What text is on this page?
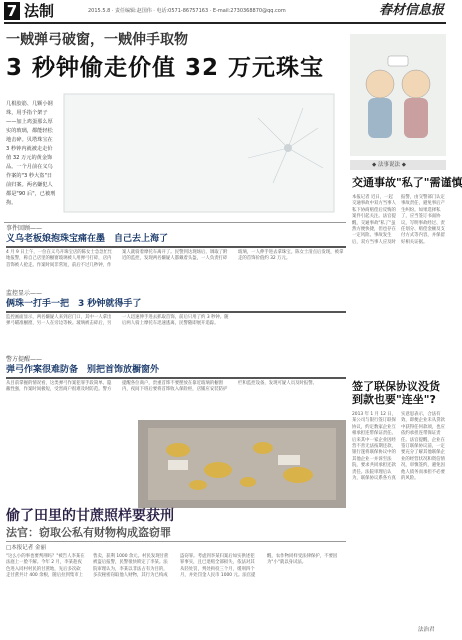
7 法制	2015.5.8 · 责任编辑:赵国伟 · 电话:0571-86757163 · E-mail:2730368870@qq.com	春材信息报
一贼弹弓破窗，一贼伸手取物
3 秒钟偷走价值 32 万元珠宝
几根胶筋、几颗小钢珠，用手指个架子——加上鸡蛋那么厚实的玻璃，都能轻松地击碎。贝塔珠宝在 3 秒钟内就被走走价值 32 万元的黄金饰品。一个月前在义乌作案的"3 秒大盗"日前归案。两名嫌犯人都是"90 后"，已被刑拘。
事件回顾——
义乌老板娘抱珠宝痛在墨　自己去上海了
4 月 9 日上午，一位在义乌开珠宝店的陈女士急急忙忙地报警，称自己店里的橱窗玻璃被人用弹弓打碎，店内首饰被人抢走。作案时间非常短，前后不过几秒钟，作案人就骑着摩托车离开了。民警到达现场后，调取了附近的监控，发现两名嫌疑人都戴着头盔，一人负责打碎玻璃，一人伸手进去拿珠宝。陈女士清点后发现，被拿走的首饰价值约 32 万元。
监控显示——
俩珠一打手一把　3 秒钟就得手了
监控画面显示，两名嫌疑人来到店门口，其中一人拿出弹弓瞄准橱窗，另一人在旁边等候。玻璃被击碎后，另一人迅速伸手进去抓取首饰，前后只用了约 3 秒钟。随后两人骑上摩托车迅速逃离，民警随即展开追踪。
警方提醒——
弹弓作案很难防备　别把首饰放橱窗外
从目前掌握的情况看，这类弹弓作案犯罪手段简单、隐蔽性强，作案时间极短，受害商户很难及时防范。警方提醒各位商户，贵重首饰不要摆放在靠近玻璃的橱窗内，夜间下班后要将首饰收入保险柜，店铺应安装防护栏和监控设备，发现可疑人员及时报警。
偷了田里的甘蔗照样要获刑
法官：窃取公私有财物构成盗窃罪
□本报记者 金丽
"这么小的事也要判刑吗？"被告人李某在法庭上一脸不解。今年 2 月，李某趁夜色进入同村村民的甘蔗地，先后多次砍走甘蔗共计 400 余根，随后拉到集市上售卖，获利 1000 余元。村民发现甘蔗被盗后报警，民警很快锁定了李某。法院审理认为，李某以非法占有为目的，多次秘密窃取他人财物，其行为已构成盗窃罪。考虑到李某归案后如实供述犯罪事实，且已退赔全部损失，依法对其从轻处罚，判处拘役三个月，缓刑四个月，并处罚金人民币 1000 元。法官提醒，农作物同样受法律保护，不要因为"小"就以身试法。
◆ 法事说法 ◆
交通事故"私了"需谨慎
本报记者 近日，一起交通事故中双方当事人私下协商赔偿后反悔的案件引起关注。法官提醒，交通事故"私了"虽然方便快捷，但也存在一定风险。事故发生后，双方当事人应及时报警，由交警部门认定事故责任，避免事后产生纠纷。如果选择私了，应当签订书面协议，写明事故经过、责任划分、赔偿金额及支付方式等内容，并保留好相关证据。
签了联保协议没货到款也要"连坐"?
2013 年 1 月 12 日，某公司与银行签订联保协议，约定数家企业互相承担连带保证责任。后来其中一家企业因经营不善无法按期还款，银行遂将联保协议中的其他企业一并诉至法院，要求共同承担还款责任。法院审理后认为，联保协议系各方真实意思表示，合法有效，即便企业未从贷款中获得任何款项，也应依约承担连带保证责任。法官提醒，企业在签订联保协议前，一定要充分了解其他联保企业的经营状况和资信情况，审慎签约，避免因他人债务而承担不必要的风险。
法治君
